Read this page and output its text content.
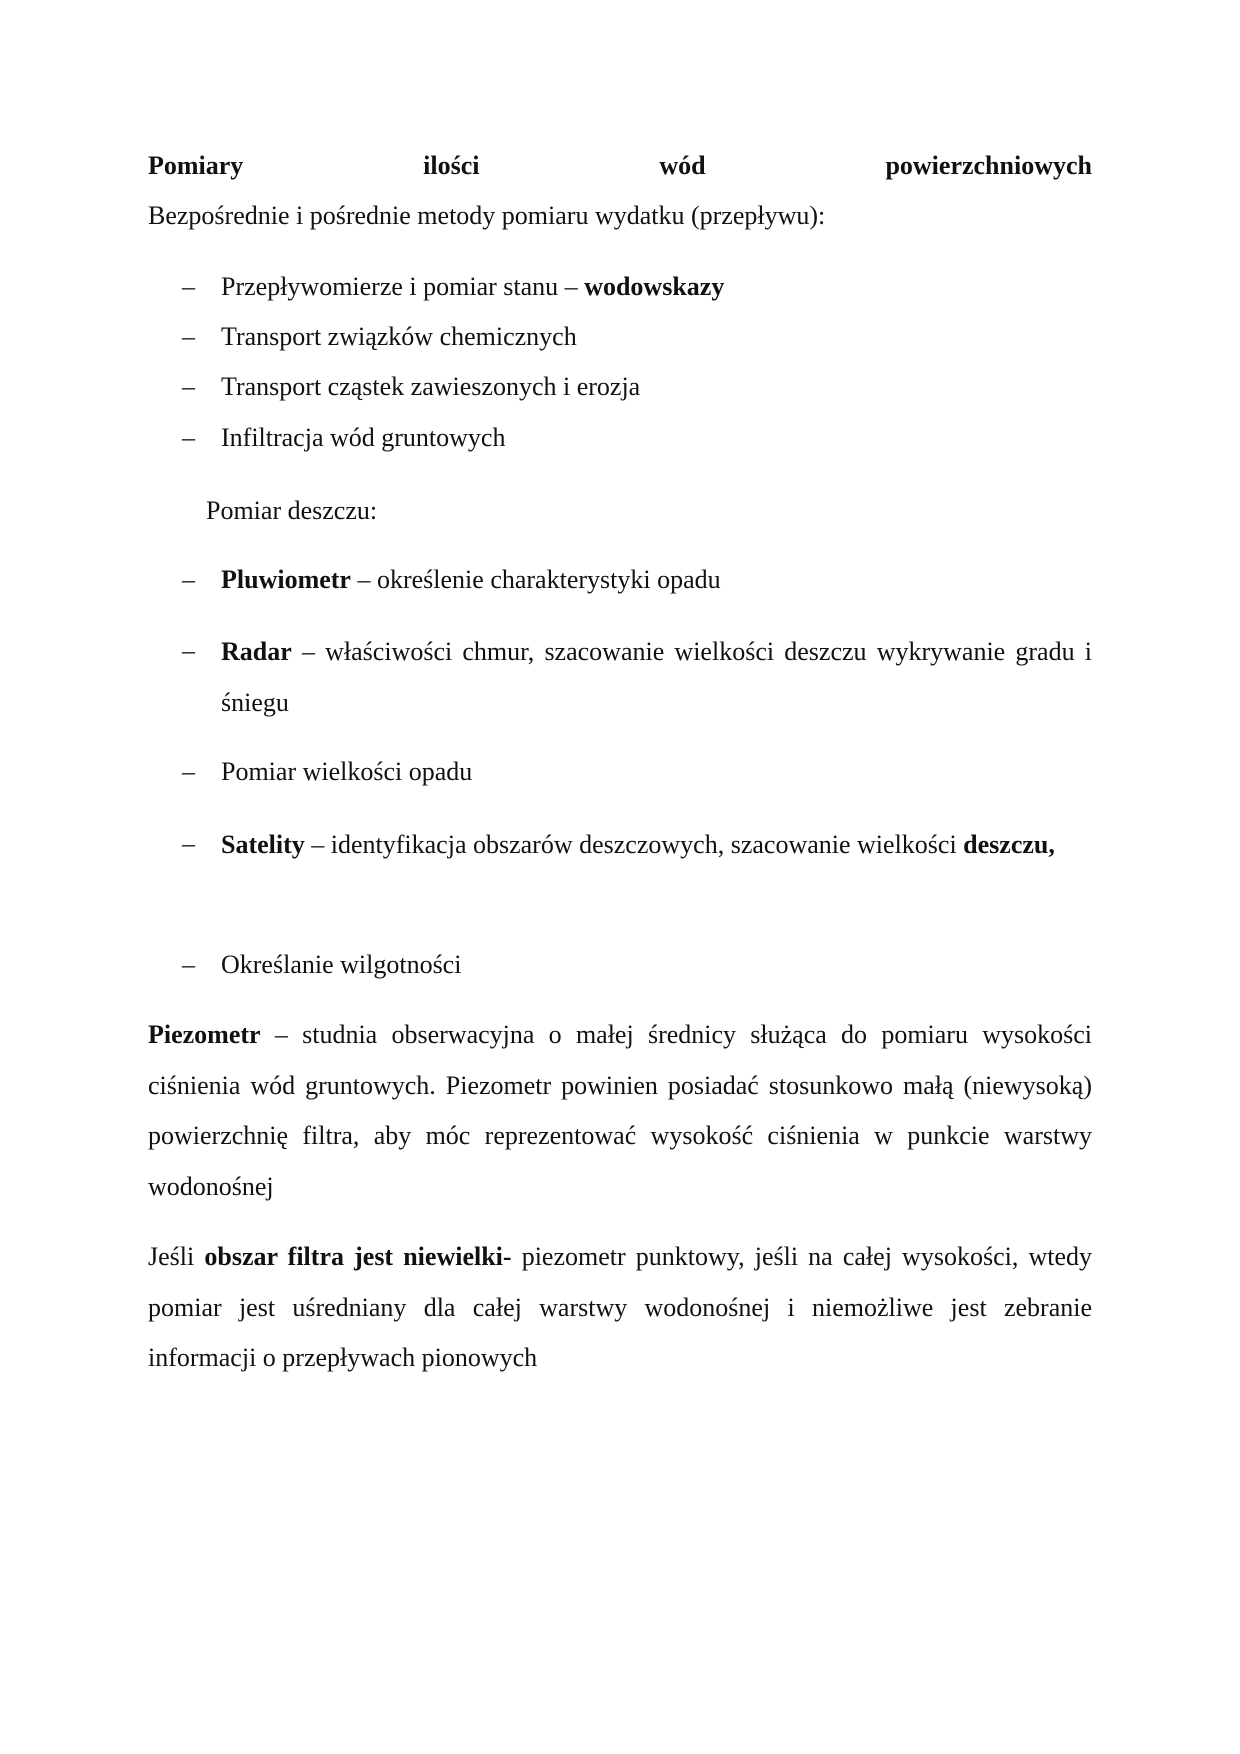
Pomiary	ilości	wód	powierzchniowych
Bezpośrednie i pośrednie metody pomiaru wydatku (przepływu):
– Przepływomierze i pomiar stanu – wodowskazy
– Transport związków chemicznych
– Transport cząstek zawieszonych i erozja
– Infiltracja wód gruntowych
Pomiar deszczu:
– Pluwiometr – określenie charakterystyki opadu
– Radar – właściwości chmur, szacowanie wielkości deszczu wykrywanie gradu i śniegu
– Pomiar wielkości opadu
– Satelity – identyfikacja obszarów deszczowych, szacowanie wielkości deszczu,
– Określanie wilgotności
Piezometr – studnia obserwacyjna o małej średnicy służąca do pomiaru wysokości ciśnienia wód gruntowych. Piezometr powinien posiadać stosunkowo małą (niewysoką) powierzchnię filtra, aby móc reprezentować wysokość ciśnienia w punkcie warstwy wodonośnej
Jeśli obszar filtra jest niewielki- piezometr punktowy, jeśli na całej wysokości, wtedy pomiar jest uśredniany dla całej warstwy wodonośnej i niemożliwe jest zebranie informacji o przepływach pionowych
